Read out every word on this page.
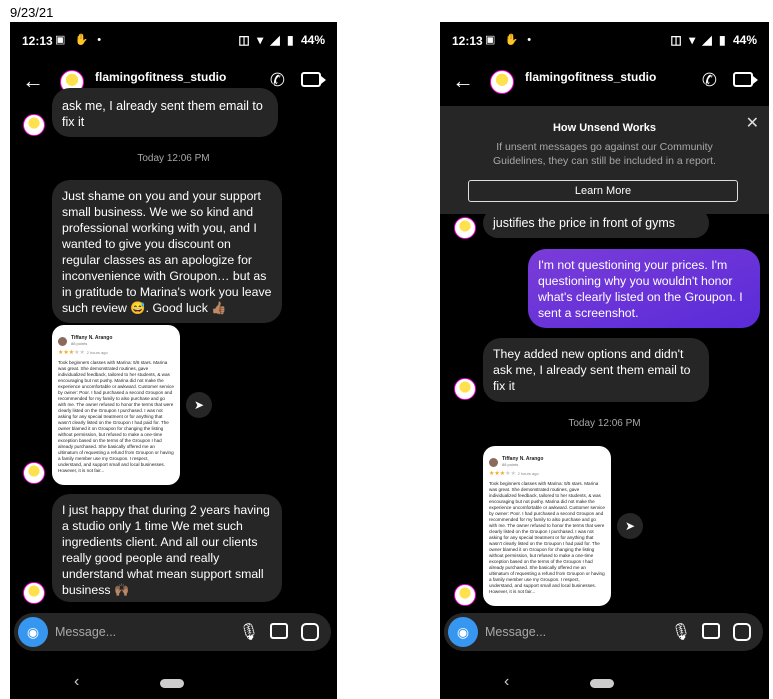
9/23/21
12:13 ▣ ✋ •	◫ ▾ ◢ ▮ 44%
←	flamingofitness_studio ✆
ask me, I already sent them email to fix it
Today 12:06 PM
Just shame on you and your support small business. We we so kind and professional working with you, and I wanted to give you discount on regular classes as an apologize for inconvenience with Groupon… but as in gratitude to Marina's work you leave such review 😅. Good luck 👍🏽
Tiffany N. Arango
88 points
★★★★★ 2 hours ago
Took beginners classes with Marina: 5/5 stars. Marina was great. She demonstrated routines, gave individualized feedback, tailored to her students, & was encouraging but not pushy. Marina did not make the experience uncomfortable or awkward. Customer service by owner: Poor. I had purchased a second Groupon and recommended for my family to also purchase and go with me. The owner refused to honor the terms that were clearly listed on the Groupon I purchased. I was not asking for any special treatment or for anything that wasn't clearly listed on the Groupon I had paid for. The owner blamed it on Groupon for changing the listing without permission, but refused to make a one-time exception based on the terms of the Groupon I had already purchased. She basically offered me an ultimatum of requesting a refund from Groupon or having a family member use my Groupon. I respect, understand, and support small and local businesses. However, it is not fair...
➤
I just happy that during 2 years having a studio only 1 time We met such ingredients client. And all our clients really good people and really understand what mean support small business 🙌🏽
◉	Message...	🎙
‹
12:13 ▣ ✋ •	◫ ▾ ◢ ▮ 44%
←	flamingofitness_studio	✆
How Unsend Works
If unsent messages go against our Community Guidelines, they can still be included in a report.
✕
Learn More
justifies the price in front of gyms
I'm not questioning your prices. I'm questioning why you wouldn't honor what's clearly listed on the Groupon. I sent a screenshot.
They added new options and didn't ask me, I already sent them email to fix it
Today 12:06 PM
Tiffany N. Arango
88 points
★★★★★ 2 hours ago
Took beginners classes with Marina: 5/5 stars. Marina was great. She demonstrated routines, gave individualized feedback, tailored to her students, & was encouraging but not pushy. Marina did not make the experience uncomfortable or awkward. Customer service by owner: Poor. I had purchased a second Groupon and recommended for my family to also purchase and go with me. The owner refused to honor the terms that were clearly listed on the Groupon I purchased. I was not asking for any special treatment or for anything that wasn't clearly listed on the Groupon I had paid for. The owner blamed it on Groupon for changing the listing without permission, but refused to make a one-time exception based on the terms of the Groupon I had already purchased. She basically offered me an ultimatum of requesting a refund from Groupon or having a family member use my Groupon. I respect, understand, and support small and local businesses. However, it is not fair...
➤
◉	Message...	🎙
‹
